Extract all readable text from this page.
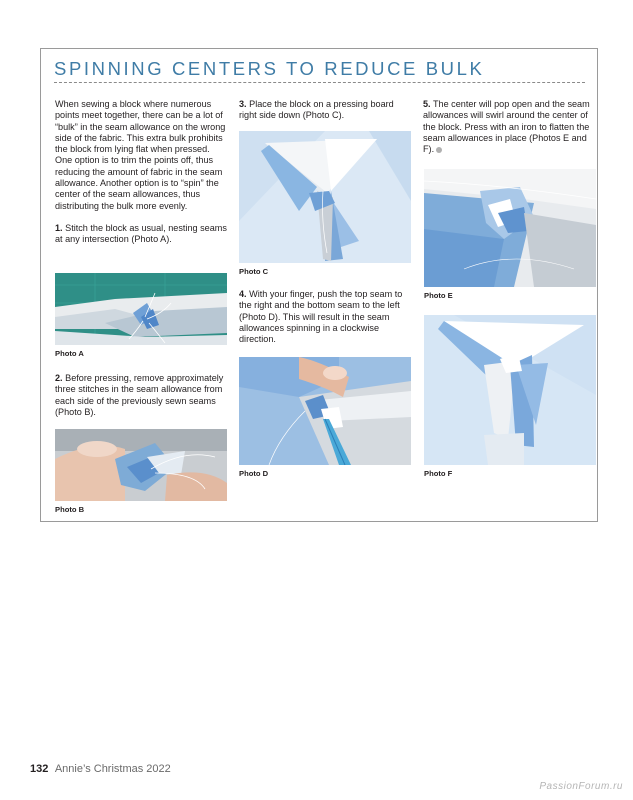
SPINNING CENTERS TO REDUCE BULK

When sewing a block where numerous points meet together, there can be a lot of “bulk” in the seam allowance on the wrong side of the fabric. This extra bulk prohibits the block from lying flat when pressed. One option is to trim the points off, thus reducing the amount of fabric in the seam allowance. Another option is to “spin” the center of the seam allowances, thus distributing the bulk more evenly.

1. Stitch the block as usual, nesting seams at any intersection (Photo A).

Photo A

2. Before pressing, remove approximately three stitches in the seam allowance from each side of the previously sewn seams (Photo B).

Photo B

3. Place the block on a pressing board right side down (Photo C).

Photo C

4. With your finger, push the top seam to the right and the bottom seam to the left (Photo D). This will result in the seam allowances spinning in a clockwise direction.

Photo D

5. The center will pop open and the seam allowances will swirl around the center of the block. Press with an iron to flatten the seam allowances in place (Photos E and F).

Photo E
Photo F
132 Annie’s Christmas 2022
PassionForum.ru
